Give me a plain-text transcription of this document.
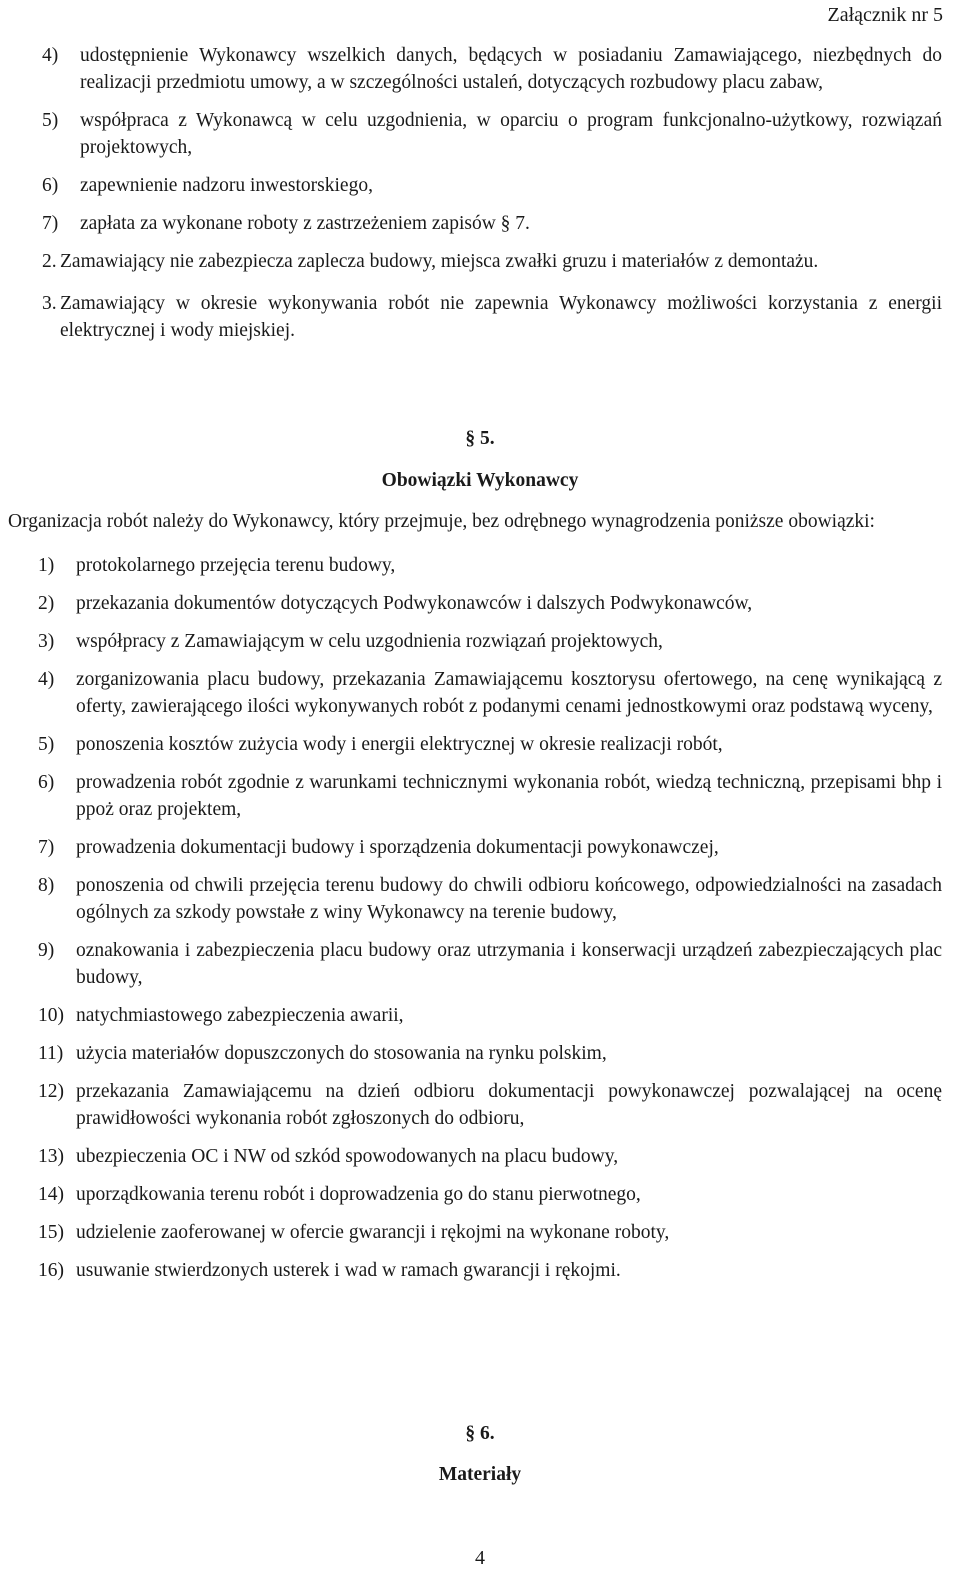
Załącznik nr 5
4)	udostępnienie Wykonawcy wszelkich danych, będących w posiadaniu Zamawiającego, niezbędnych do realizacji przedmiotu umowy, a w szczególności ustaleń, dotyczących rozbudowy placu zabaw,
5)	współpraca z Wykonawcą w celu uzgodnienia, w oparciu o program funkcjonalno-użytkowy, rozwiązań projektowych,
6)	zapewnienie nadzoru inwestorskiego,
7)	zapłata za wykonane roboty z zastrzeżeniem zapisów § 7.
2. Zamawiający nie zabezpiecza zaplecza budowy, miejsca zwałki gruzu i materiałów z demontażu.
3. Zamawiający w okresie wykonywania robót nie zapewnia Wykonawcy możliwości korzystania z energii elektrycznej i wody miejskiej.
§ 5.
Obowiązki Wykonawcy

Organizacja robót należy do Wykonawcy, który przejmuje, bez odrębnego wynagrodzenia poniższe obowiązki:

1)	protokolarnego przejęcia terenu budowy,
2)	przekazania dokumentów dotyczących Podwykonawców i dalszych Podwykonawców,
3)	współpracy z Zamawiającym w celu uzgodnienia rozwiązań projektowych,
4)	zorganizowania placu budowy, przekazania Zamawiającemu kosztorysu ofertowego, na cenę wynikającą z oferty, zawierającego ilości wykonywanych robót z podanymi cenami jednostkowymi oraz podstawą wyceny,
5)	ponoszenia kosztów zużycia wody i energii elektrycznej w okresie realizacji robót,
6)	prowadzenia robót zgodnie z warunkami technicznymi wykonania robót, wiedzą techniczną, przepisami bhp i ppoż oraz projektem,
7)	prowadzenia dokumentacji budowy i sporządzenia dokumentacji powykonawczej,
8)	ponoszenia od chwili przejęcia terenu budowy do chwili odbioru końcowego, odpowiedzialności na zasadach ogólnych za szkody powstałe z winy Wykonawcy na terenie budowy,
9)	oznakowania i zabezpieczenia placu budowy oraz utrzymania i konserwacji urządzeń zabezpieczających plac budowy,
10) natychmiastowego zabezpieczenia awarii,
11) użycia materiałów dopuszczonych do stosowania na rynku polskim,
12) przekazania Zamawiającemu na dzień odbioru dokumentacji powykonawczej pozwalającej na ocenę prawidłowości wykonania robót zgłoszonych do odbioru,
13) ubezpieczenia OC i NW od szkód spowodowanych na placu budowy,
14) uporządkowania terenu robót i doprowadzenia go do stanu pierwotnego,
15) udzielenie zaoferowanej w ofercie gwarancji i rękojmi na wykonane roboty,
16) usuwanie stwierdzonych usterek i wad w ramach gwarancji i rękojmi.
§ 6.
Materiały
4
